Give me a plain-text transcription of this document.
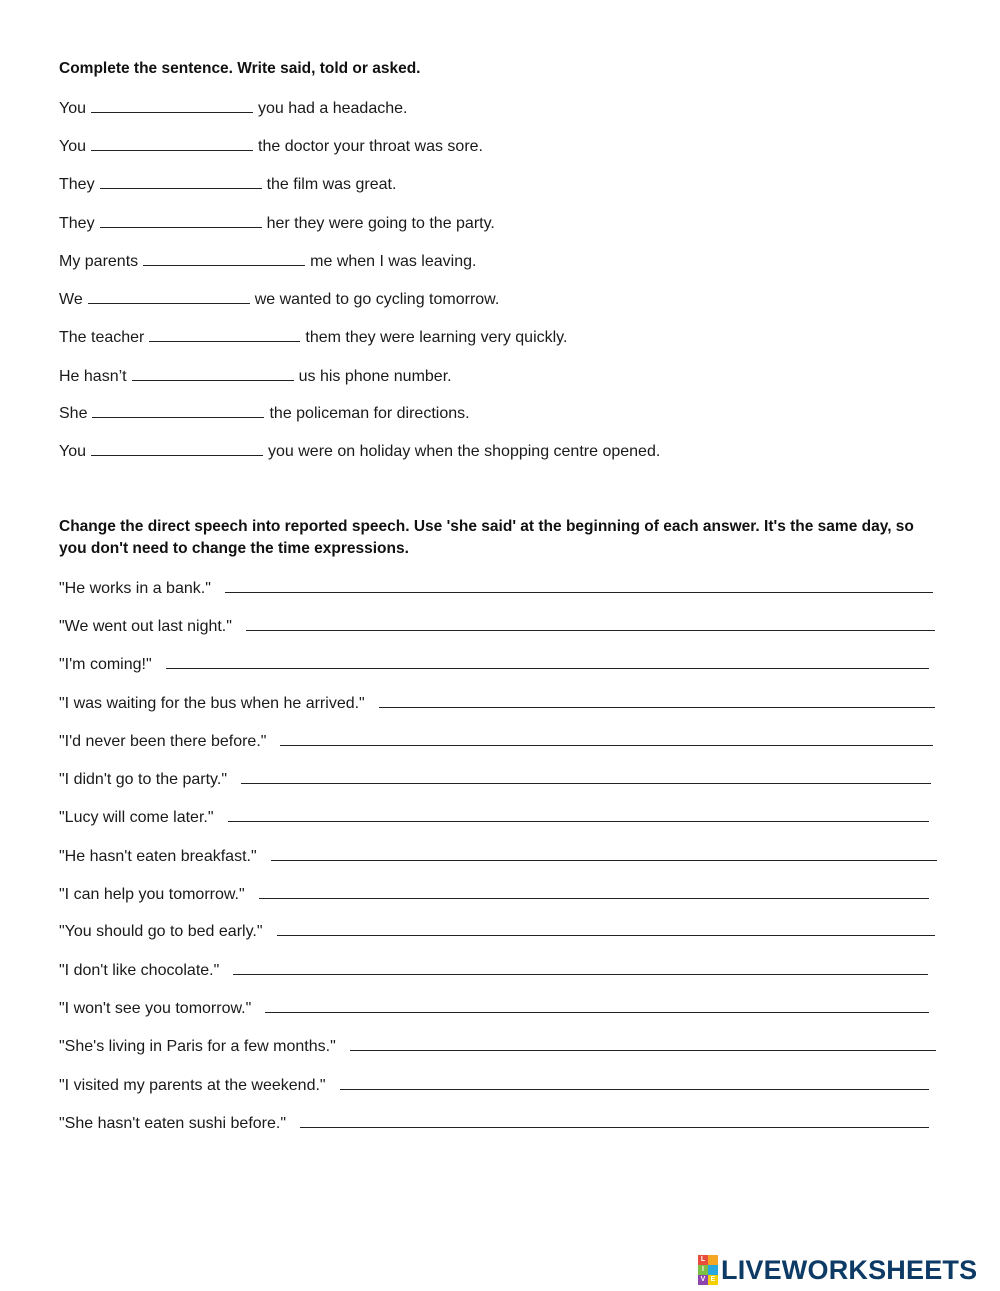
Complete the sentence. Write said, told or asked.
You	you had a headache.
You	the doctor your throat was sore.
They	the film was great.
They	her they were going to the party.
My parents	me when I was leaving.
We	we wanted to go cycling tomorrow.
The teacher	them they were learning very quickly.
He hasn’t	us his phone number.
She	the policeman for directions.
You	you were on holiday when the shopping centre opened.
Change the direct speech into reported speech. Use 'she said' at the beginning of each answer. It's the same day, so you don't need to change the time expressions.
"He works in a bank."
"We went out last night."
"I'm coming!"
"I was waiting for the bus when he arrived."
"I'd never been there before."
"I didn't go to the party."
"Lucy will come later."
"He hasn't eaten breakfast."
"I can help you tomorrow."
"You should go to bed early."
"I don't like chocolate."
"I won't see you tomorrow."
"She's living in Paris for a few months."
"I visited my parents at the weekend."
"She hasn't eaten sushi before."
L
I
V E LIVEWORKSHEETS
